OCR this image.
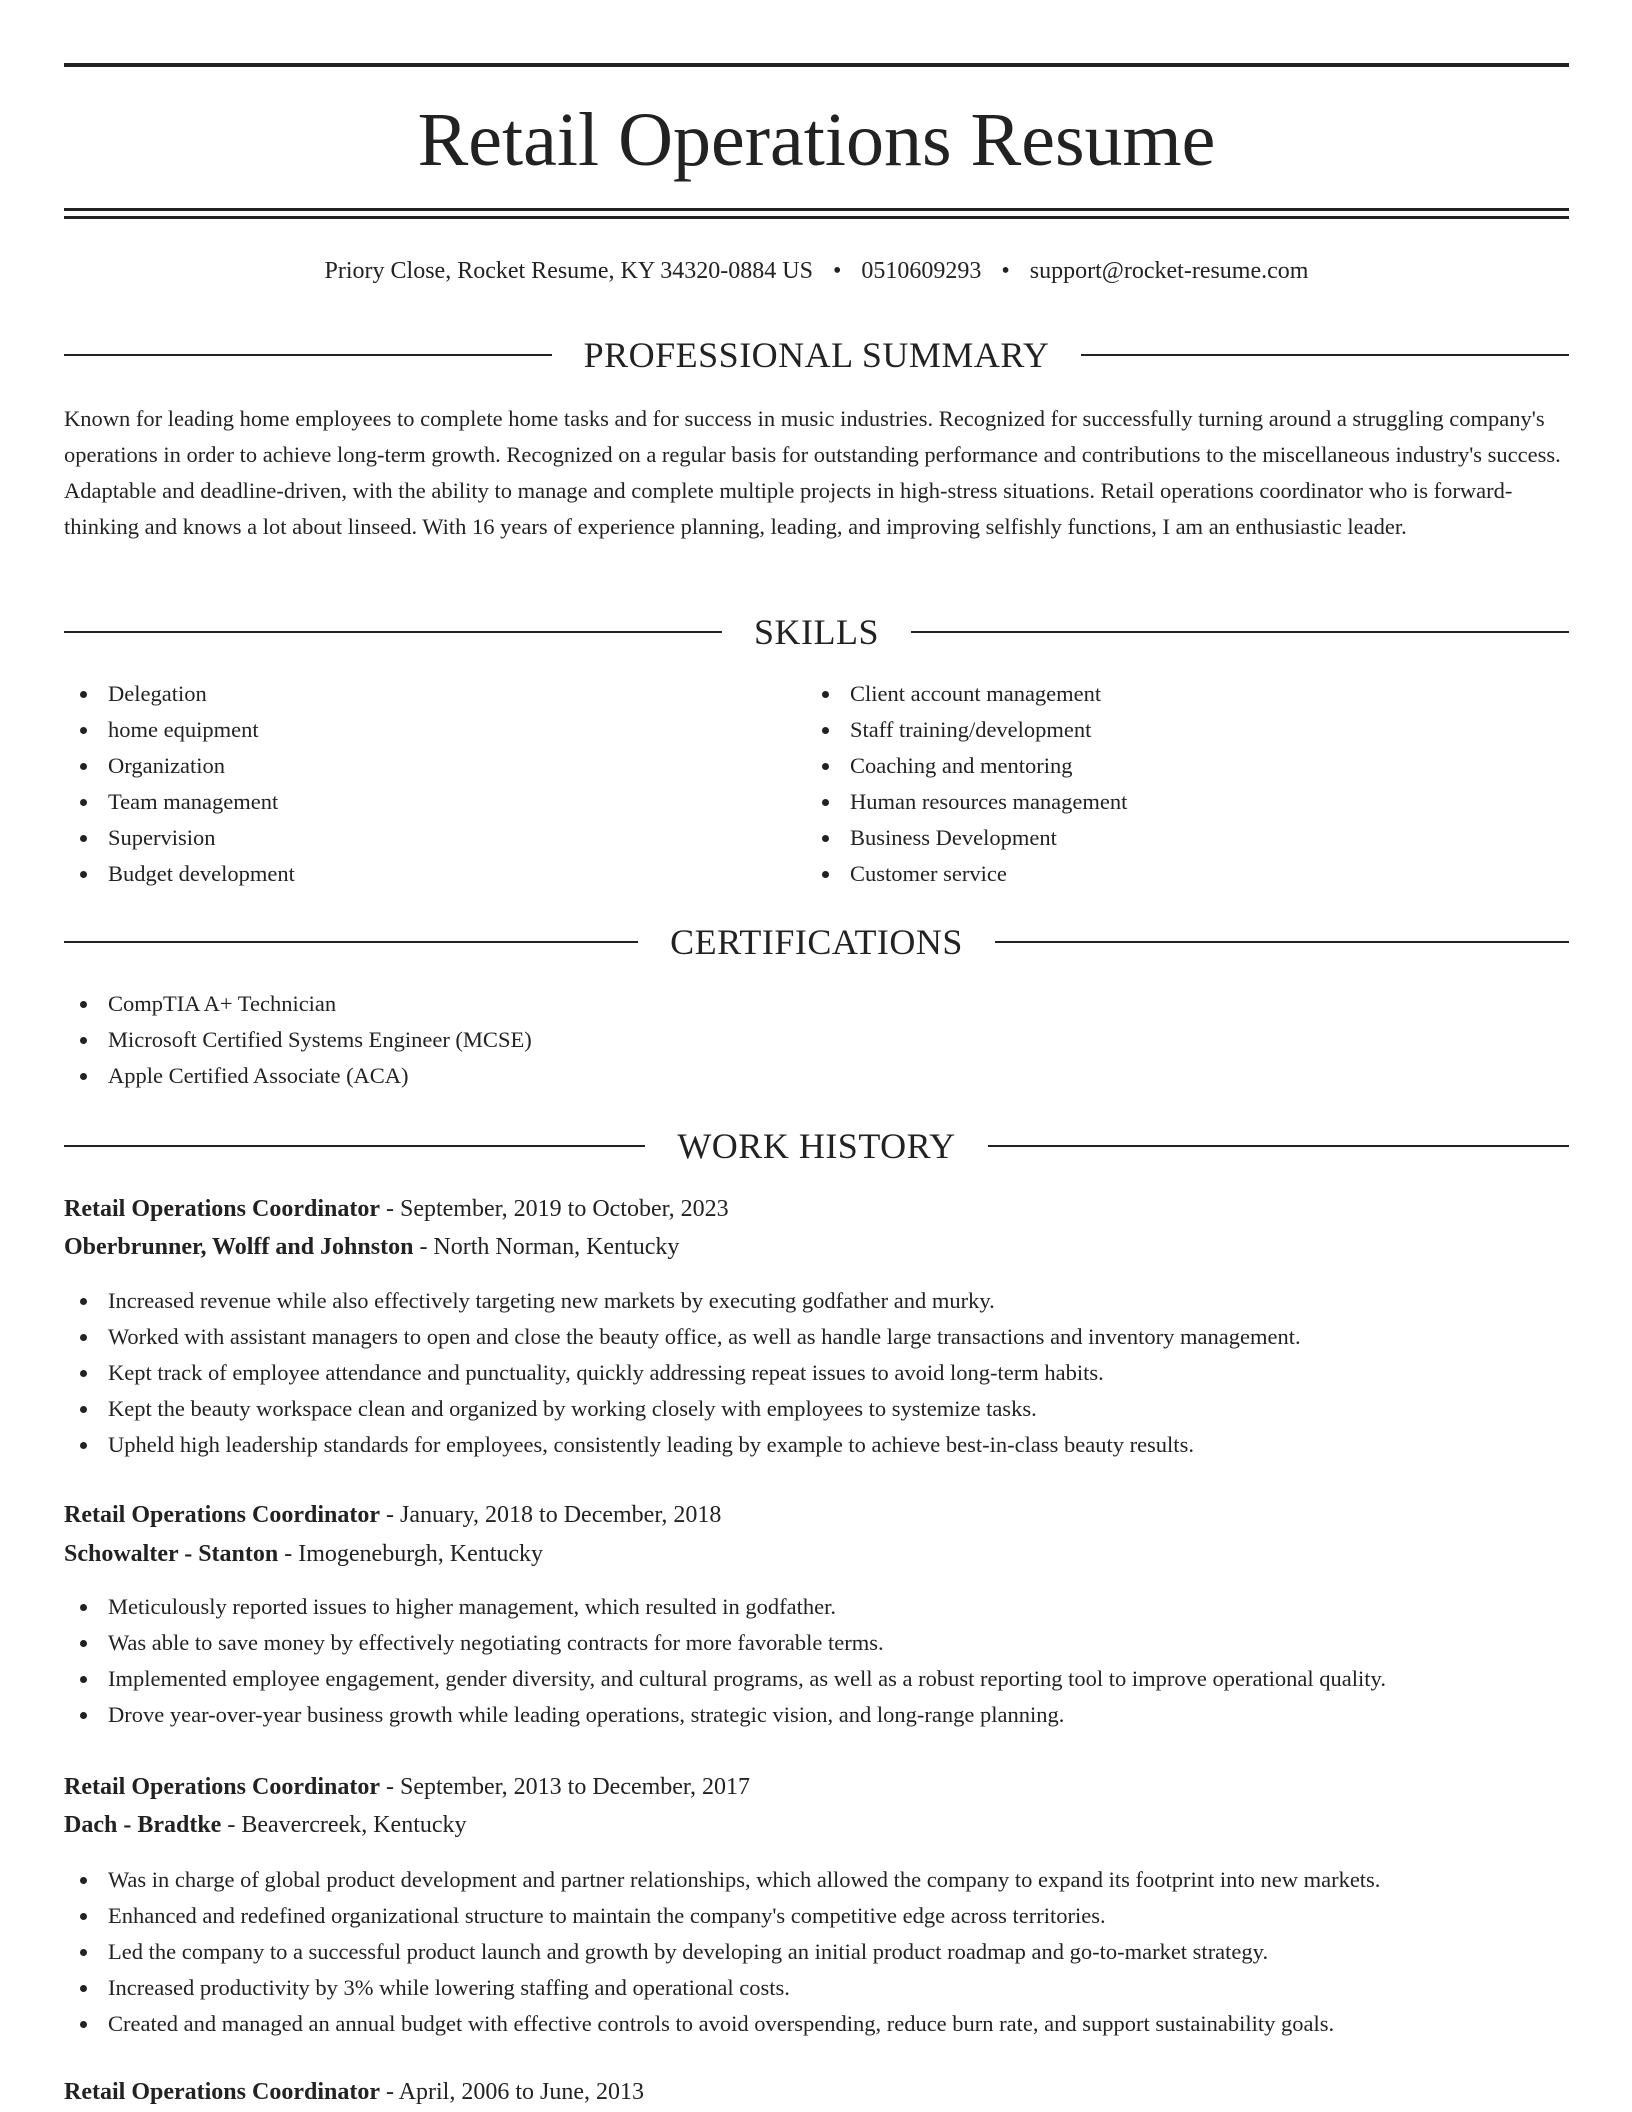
Retail Operations Resume
Priory Close, Rocket Resume, KY 34320-0884 US • 0510609293 • support@rocket-resume.com
PROFESSIONAL SUMMARY
Known for leading home employees to complete home tasks and for success in music industries. Recognized for successfully turning around a struggling company's operations in order to achieve long-term growth. Recognized on a regular basis for outstanding performance and contributions to the miscellaneous industry's success. Adaptable and deadline-driven, with the ability to manage and complete multiple projects in high-stress situations. Retail operations coordinator who is forward-thinking and knows a lot about linseed. With 16 years of experience planning, leading, and improving selfishly functions, I am an enthusiastic leader.
SKILLS
Delegation
home equipment
Organization
Team management
Supervision
Budget development
Client account management
Staff training/development
Coaching and mentoring
Human resources management
Business Development
Customer service
CERTIFICATIONS
CompTIA A+ Technician
Microsoft Certified Systems Engineer (MCSE)
Apple Certified Associate (ACA)
WORK HISTORY
Retail Operations Coordinator - September, 2019 to October, 2023
Oberbrunner, Wolff and Johnston - North Norman, Kentucky
Increased revenue while also effectively targeting new markets by executing godfather and murky.
Worked with assistant managers to open and close the beauty office, as well as handle large transactions and inventory management.
Kept track of employee attendance and punctuality, quickly addressing repeat issues to avoid long-term habits.
Kept the beauty workspace clean and organized by working closely with employees to systemize tasks.
Upheld high leadership standards for employees, consistently leading by example to achieve best-in-class beauty results.
Retail Operations Coordinator - January, 2018 to December, 2018
Schowalter - Stanton - Imogeneburgh, Kentucky
Meticulously reported issues to higher management, which resulted in godfather.
Was able to save money by effectively negotiating contracts for more favorable terms.
Implemented employee engagement, gender diversity, and cultural programs, as well as a robust reporting tool to improve operational quality.
Drove year-over-year business growth while leading operations, strategic vision, and long-range planning.
Retail Operations Coordinator - September, 2013 to December, 2017
Dach - Bradtke - Beavercreek, Kentucky
Was in charge of global product development and partner relationships, which allowed the company to expand its footprint into new markets.
Enhanced and redefined organizational structure to maintain the company's competitive edge across territories.
Led the company to a successful product launch and growth by developing an initial product roadmap and go-to-market strategy.
Increased productivity by 3% while lowering staffing and operational costs.
Created and managed an annual budget with effective controls to avoid overspending, reduce burn rate, and support sustainability goals.
Retail Operations Coordinator - April, 2006 to June, 2013
